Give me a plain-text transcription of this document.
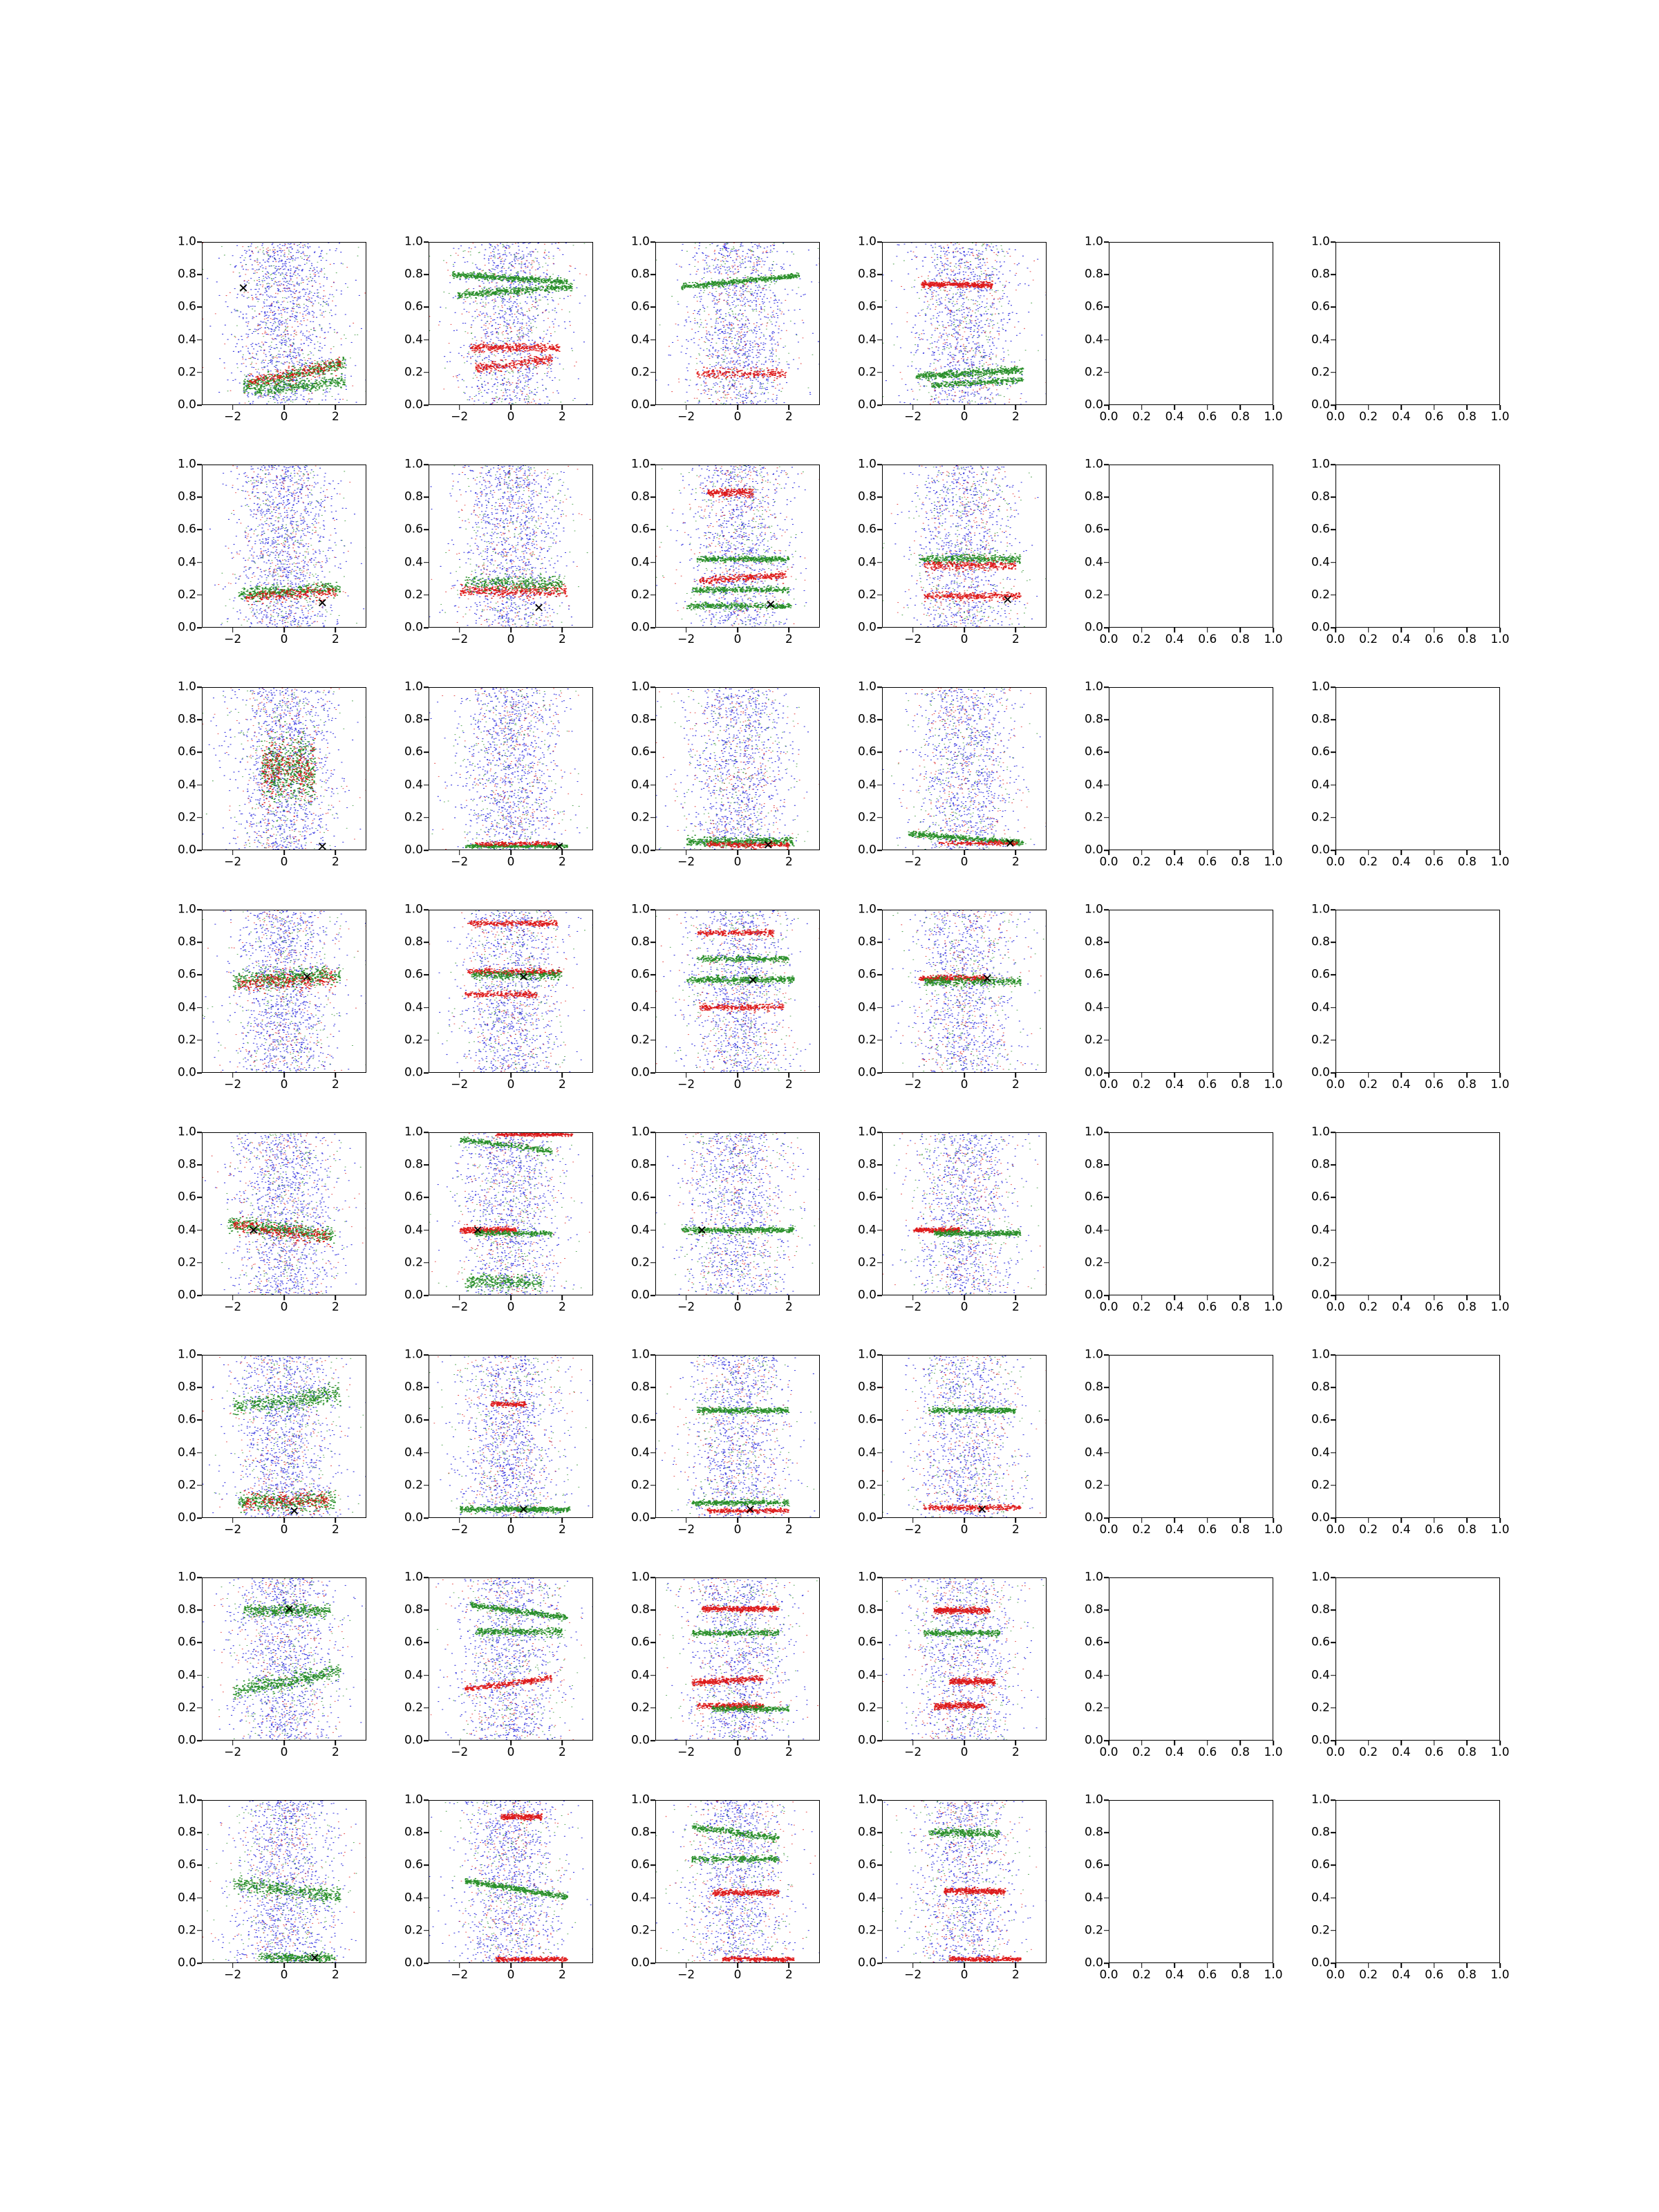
0.0
0.2
0.4
0.6
0.8
1.0
−2	0	2
0.0
0.2
0.4
0.6
0.8
1.0
−2	0	2
0.0
0.2
0.4
0.6
0.8
1.0
−2	0	2
0.0
0.2
0.4
0.6
0.8
1.0
−2	0	2
0.0
0.2
0.4
0.6
0.8
1.0
0.0 0.2 0.4 0.6 0.8 1.0
0.0
0.2
0.4
0.6
0.8
1.0
0.0 0.2 0.4 0.6 0.8 1.0
0.0
0.2
0.4
0.6
0.8
1.0
−2	0	2
0.0
0.2
0.4
0.6
0.8
1.0
−2	0	2
0.0
0.2
0.4
0.6
0.8
1.0
−2	0	2
0.0
0.2
0.4
0.6
0.8
1.0
−2	0	2
0.0
0.2
0.4
0.6
0.8
1.0
0.0 0.2 0.4 0.6 0.8 1.0
0.0
0.2
0.4
0.6
0.8
1.0
0.0 0.2 0.4 0.6 0.8 1.0
0.0
0.2
0.4
0.6
0.8
1.0
−2	0	2
0.0
0.2
0.4
0.6
0.8
1.0
−2	0	2
0.0
0.2
0.4
0.6
0.8
1.0
−2	0	2
0.0
0.2
0.4
0.6
0.8
1.0
−2	0	2
0.0
0.2
0.4
0.6
0.8
1.0
0.0 0.2 0.4 0.6 0.8 1.0
0.0
0.2
0.4
0.6
0.8
1.0
0.0 0.2 0.4 0.6 0.8 1.0
0.0
0.2
0.4
0.6
0.8
1.0
−2	0	2
0.0
0.2
0.4
0.6
0.8
1.0
−2	0	2
0.0
0.2
0.4
0.6
0.8
1.0
−2	0	2
0.0
0.2
0.4
0.6
0.8
1.0
−2	0	2
0.0
0.2
0.4
0.6
0.8
1.0
0.0 0.2 0.4 0.6 0.8 1.0
0.0
0.2
0.4
0.6
0.8
1.0
0.0 0.2 0.4 0.6 0.8 1.0
0.0
0.2
0.4
0.6
0.8
1.0
−2	0	2
0.0
0.2
0.4
0.6
0.8
1.0
−2	0	2
0.0
0.2
0.4
0.6
0.8
1.0
−2	0	2
0.0
0.2
0.4
0.6
0.8
1.0
−2	0	2
0.0
0.2
0.4
0.6
0.8
1.0
0.0 0.2 0.4 0.6 0.8 1.0
0.0
0.2
0.4
0.6
0.8
1.0
0.0 0.2 0.4 0.6 0.8 1.0
0.0
0.2
0.4
0.6
0.8
1.0
−2	0	2
0.0
0.2
0.4
0.6
0.8
1.0
−2	0	2
0.0
0.2
0.4
0.6
0.8
1.0
−2	0	2
0.0
0.2
0.4
0.6
0.8
1.0
−2	0	2
0.0
0.2
0.4
0.6
0.8
1.0
0.0 0.2 0.4 0.6 0.8 1.0
0.0
0.2
0.4
0.6
0.8
1.0
0.0 0.2 0.4 0.6 0.8 1.0
0.0
0.2
0.4
0.6
0.8
1.0
−2	0	2
0.0
0.2
0.4
0.6
0.8
1.0
−2	0	2
0.0
0.2
0.4
0.6
0.8
1.0
−2	0	2
0.0
0.2
0.4
0.6
0.8
1.0
−2	0	2
0.0
0.2
0.4
0.6
0.8
1.0
0.0 0.2 0.4 0.6 0.8 1.0
0.0
0.2
0.4
0.6
0.8
1.0
0.0 0.2 0.4 0.6 0.8 1.0
0.0
0.2
0.4
0.6
0.8
1.0
−2	0	2
0.0
0.2
0.4
0.6
0.8
1.0
−2	0	2
0.0
0.2
0.4
0.6
0.8
1.0
−2	0	2
0.0
0.2
0.4
0.6
0.8
1.0
−2	0	2
0.0
0.2
0.4
0.6
0.8
1.0
0.0 0.2 0.4 0.6 0.8 1.0
0.0
0.2
0.4
0.6
0.8
1.0
0.0 0.2 0.4 0.6 0.8 1.0
